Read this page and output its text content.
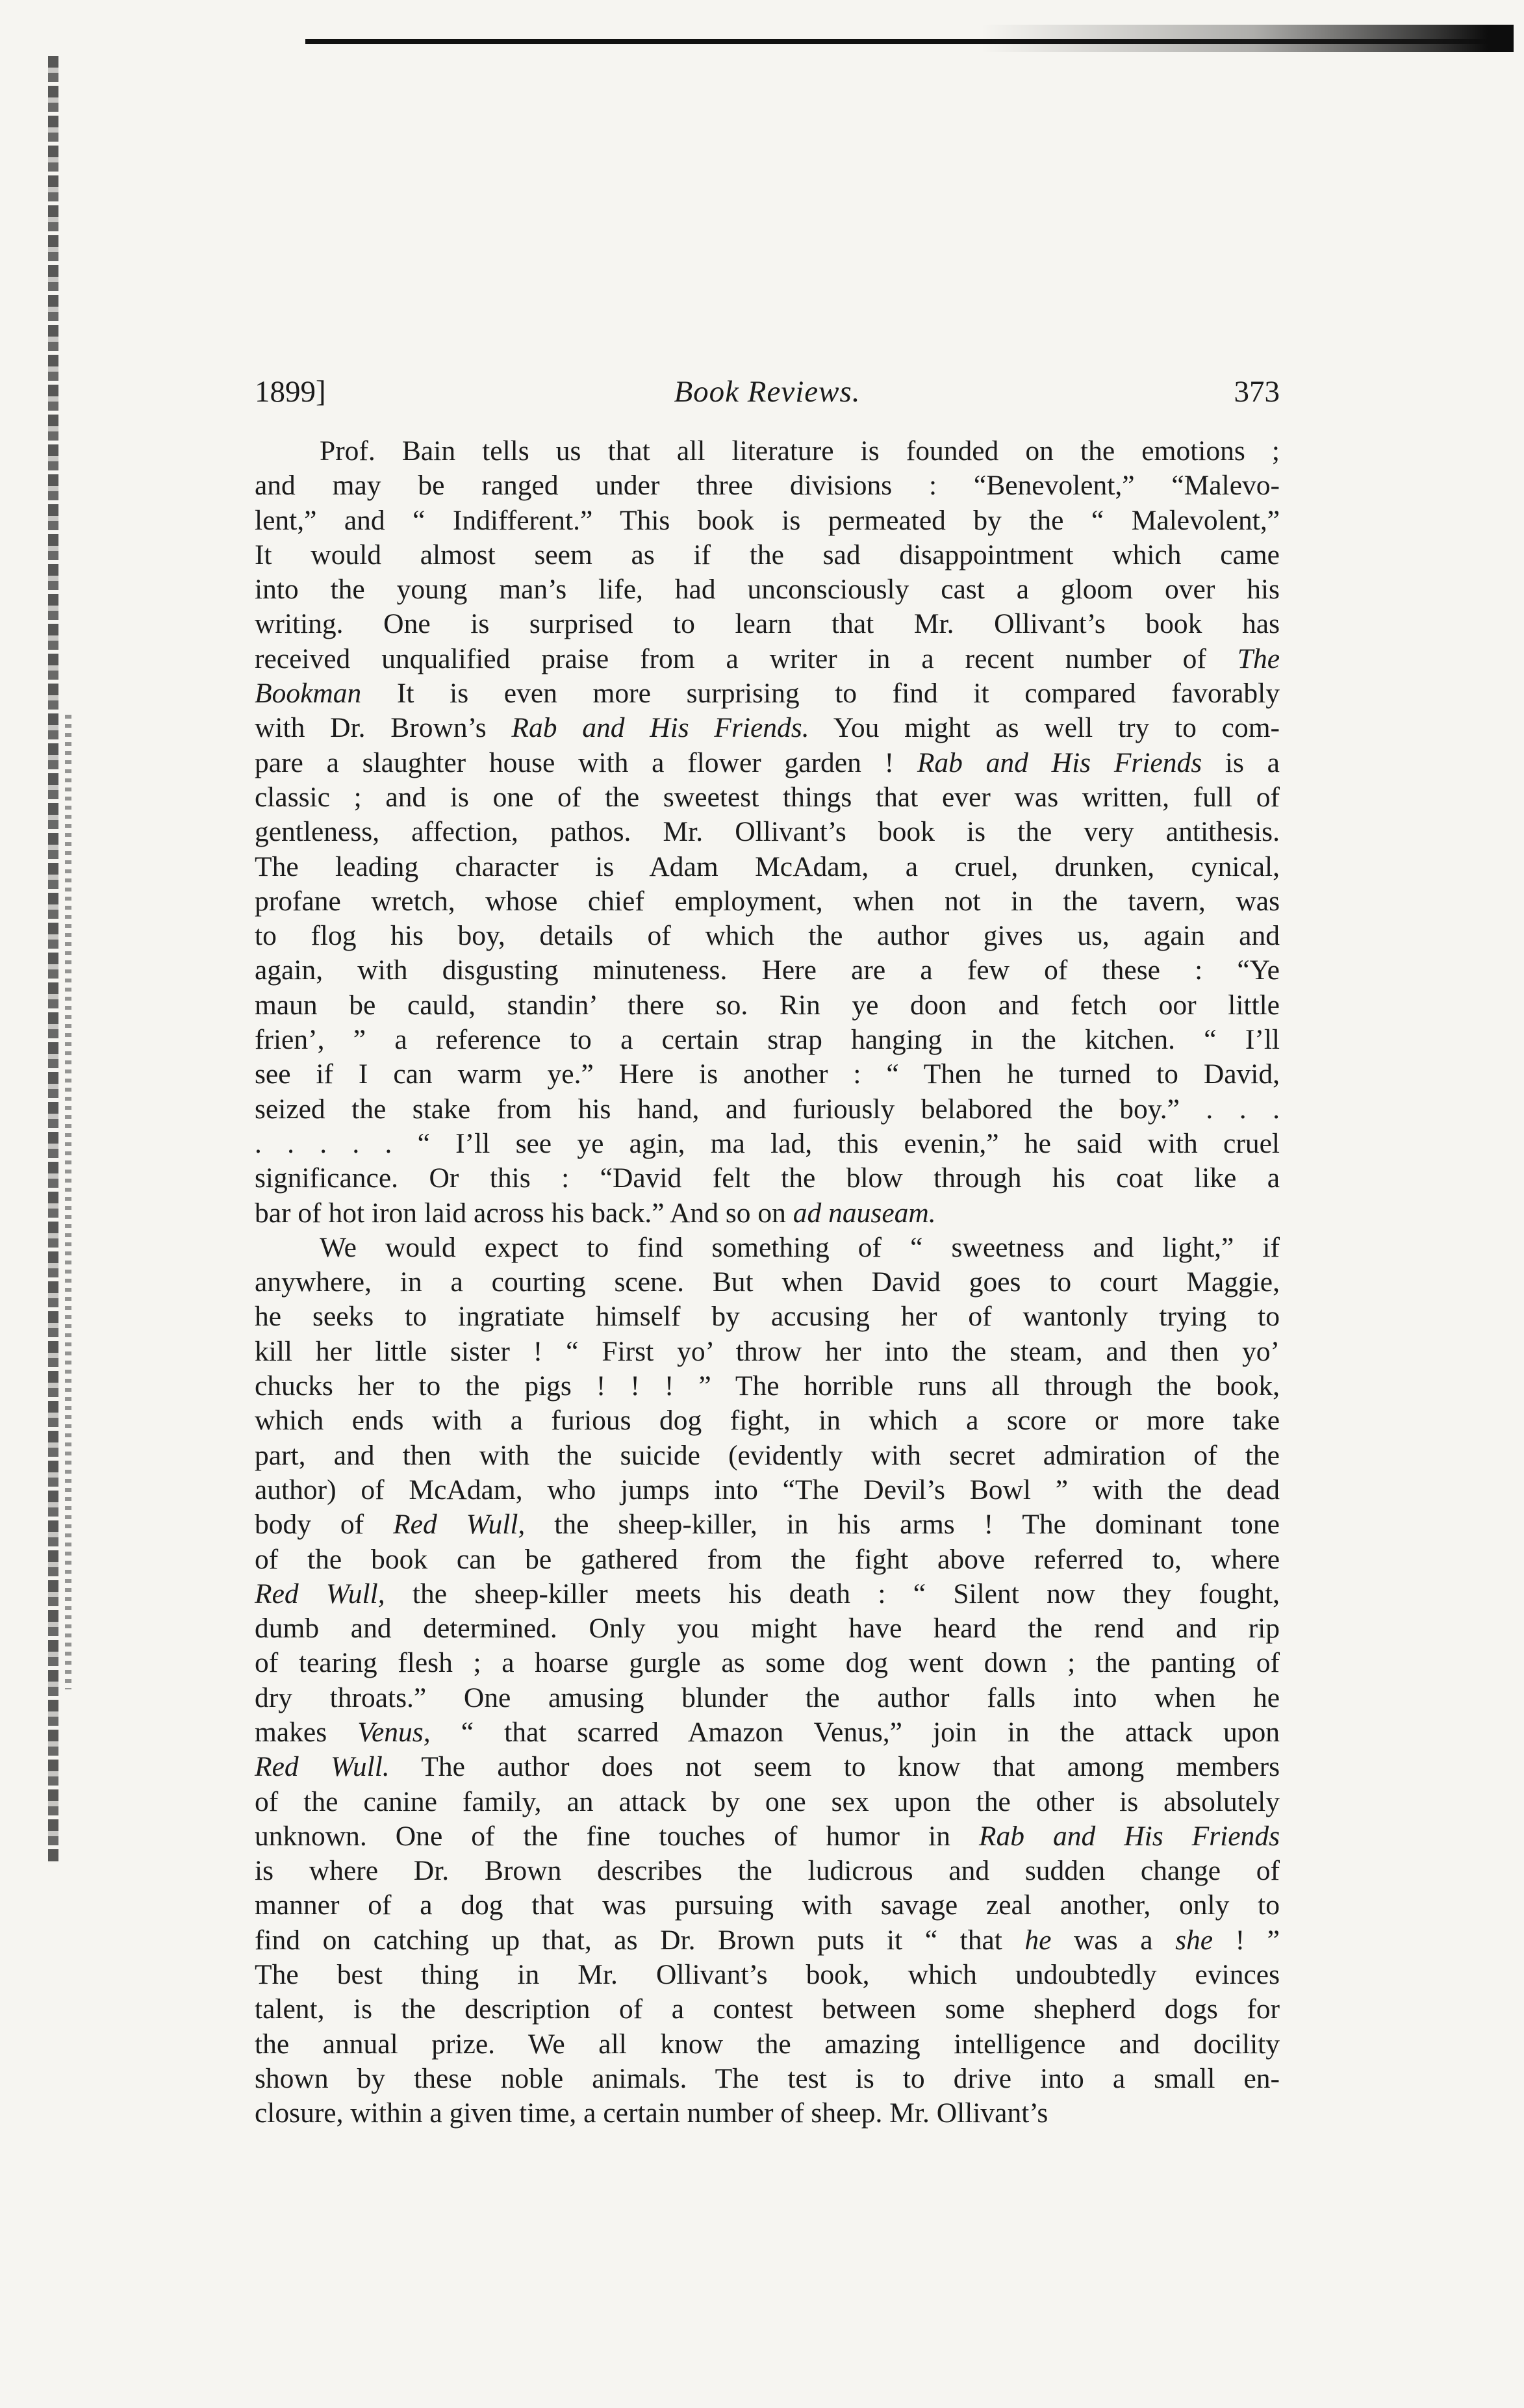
1899]	Book Reviews.	373

Prof. Bain tells us that all literature is founded on the emotions ;
and may be ranged under three divisions : “Benevolent,” “Malevo-
lent,” and “ Indifferent.” This book is permeated by the “ Malevolent,”
It would almost seem as if the sad disappointment which came
into the young man’s life, had unconsciously cast a gloom over his
writing. One is surprised to learn that Mr. Ollivant’s book has
received unqualified praise from a writer in a recent number of The
Bookman It is even more surprising to find it compared favorably
with Dr. Brown’s Rab and His Friends. You might as well try to com-
pare a slaughter house with a flower garden ! Rab and His Friends is a
classic ; and is one of the sweetest things that ever was written, full of
gentleness, affection, pathos. Mr. Ollivant’s book is the very antithesis.
The leading character is Adam McAdam, a cruel, drunken, cynical,
profane wretch, whose chief employment, when not in the tavern, was
to flog his boy, details of which the author gives us, again and
again, with disgusting minuteness. Here are a few of these : “Ye
maun be cauld, standin’ there so. Rin ye doon and fetch oor little
frien’, ” a reference to a certain strap hanging in the kitchen. “ I’ll
see if I can warm ye.” Here is another : “ Then he turned to David,
seized the stake from his hand, and furiously belabored the boy.” . . .
. . . . . “ I’ll see ye agin, ma lad, this evenin,” he said with cruel
significance. Or this : “David felt the blow through his coat like a
bar of hot iron laid across his back.” And so on ad nauseam.

We would expect to find something of “ sweetness and light,” if
anywhere, in a courting scene. But when David goes to court Maggie,
he seeks to ingratiate himself by accusing her of wantonly trying to
kill her little sister ! “ First yo’ throw her into the steam, and then yo’
chucks her to the pigs ! ! ! ” The horrible runs all through the book,
which ends with a furious dog fight, in which a score or more take
part, and then with the suicide (evidently with secret admiration of the
author) of McAdam, who jumps into “The Devil’s Bowl ” with the dead
body of Red Wull, the sheep-killer, in his arms ! The dominant tone
of the book can be gathered from the fight above referred to, where
Red Wull, the sheep-killer meets his death : “ Silent now they fought,
dumb and determined. Only you might have heard the rend and rip
of tearing flesh ; a hoarse gurgle as some dog went down ; the panting of
dry throats.” One amusing blunder the author falls into when he
makes Venus, “ that scarred Amazon Venus,” join in the attack upon
Red Wull. The author does not seem to know that among members
of the canine family, an attack by one sex upon the other is absolutely
unknown. One of the fine touches of humor in Rab and His Friends
is where Dr. Brown describes the ludicrous and sudden change of
manner of a dog that was pursuing with savage zeal another, only to
find on catching up that, as Dr. Brown puts it “ that he was a she ! ”
The best thing in Mr. Ollivant’s book, which undoubtedly evinces
talent, is the description of a contest between some shepherd dogs for
the annual prize. We all know the amazing intelligence and docility
shown by these noble animals. The test is to drive into a small en-
closure, within a given time, a certain number of sheep. Mr. Ollivant’s
